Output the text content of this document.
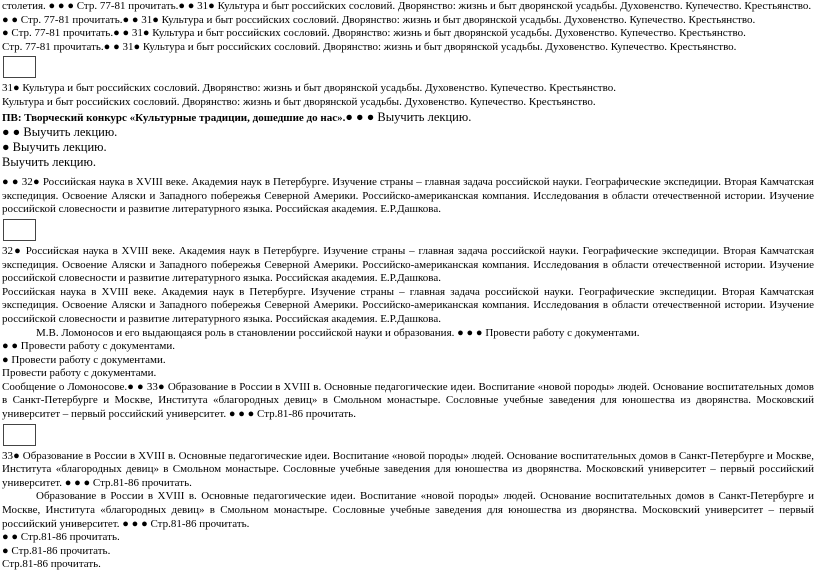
столетия. ● ● ● Стр. 77-81 прочитать.● ● 31● Культура и быт российских сословий. Дворянство: жизнь и быт дворянской усадьбы. Духовенство. Купечество. Крестьянство.

● ● Стр. 77-81 прочитать.● ● 31● Культура и быт российских сословий. Дворянство: жизнь и быт дворянской усадьбы. Духовенство. Купечество. Крестьянство.

● Стр. 77-81 прочитать.● ● 31● Культура и быт российских сословий. Дворянство: жизнь и быт дворянской усадьбы. Духовенство. Купечество. Крестьянство.

Стр. 77-81 прочитать.● ● 31● Культура и быт российских сословий. Дворянство: жизнь и быт дворянской усадьбы. Духовенство. Купечество. Крестьянство.

31● Культура и быт российских сословий. Дворянство: жизнь и быт дворянской усадьбы. Духовенство. Купечество. Крестьянство.

Культура и быт российских сословий. Дворянство: жизнь и быт дворянской усадьбы. Духовенство. Купечество. Крестьянство.

ПВ: Творческий конкурс «Культурные традиции, дошедшие до нас».● ● ● Выучить лекцию.

● ● Выучить лекцию.

● Выучить лекцию.

Выучить лекцию.

● ● 32● Российская наука в XVIII веке. Академия наук в Петербурге. Изучение страны – главная задача российской науки. Географические экспедиции. Вторая Камчатская экспедиция. Освоение Аляски и Западного побережья Северной Америки. Российско-американская компания. Исследования в области отечественной истории. Изучение российской словесности и развитие литературного языка. Российская академия. Е.Р.Дашкова.

32● Российская наука в XVIII веке. Академия наук в Петербурге. Изучение страны – главная задача российской науки. Географические экспедиции. Вторая Камчатская экспедиция. Освоение Аляски и Западного побережья Северной Америки. Российско-американская компания. Исследования в области отечественной истории. Изучение российской словесности и развитие литературного языка. Российская академия. Е.Р.Дашкова.

Российская наука в XVIII веке. Академия наук в Петербурге. Изучение страны – главная задача российской науки. Географические экспедиции. Вторая Камчатская экспедиция. Освоение Аляски и Западного побережья Северной Америки. Российско-американская компания. Исследования в области отечественной истории. Изучение российской словесности и развитие литературного языка. Российская академия. Е.Р.Дашкова.

М.В. Ломоносов и его выдающаяся роль в становлении российской науки и образования. ● ● ● Провести работу с документами.

● ● Провести работу с документами.

● Провести работу с документами.

Провести работу с документами.

Сообщение о Ломоносове.● ● 33● Образование в России в XVIII в. Основные педагогические идеи. Воспитание «новой породы» людей. Основание воспитательных домов в Санкт-Петербурге и Москве, Института «благородных девиц» в Смольном монастыре. Сословные учебные заведения для юношества из дворянства. Московский университет – первый российский университет. ● ● ● Стр.81-86 прочитать.

33● Образование в России в XVIII в. Основные педагогические идеи. Воспитание «новой породы» людей. Основание воспитательных домов в Санкт-Петербурге и Москве, Института «благородных девиц» в Смольном монастыре. Сословные учебные заведения для юношества из дворянства. Московский университет – первый российский университет. ● ● ● Стр.81-86 прочитать.

Образование в России в XVIII в. Основные педагогические идеи. Воспитание «новой породы» людей. Основание воспитательных домов в Санкт-Петербурге и Москве, Института «благородных девиц» в Смольном монастыре. Сословные учебные заведения для юношества из дворянства. Московский университет – первый российский университет. ● ● ● Стр.81-86 прочитать.

● ● Стр.81-86 прочитать.

● Стр.81-86 прочитать.

Стр.81-86 прочитать.
